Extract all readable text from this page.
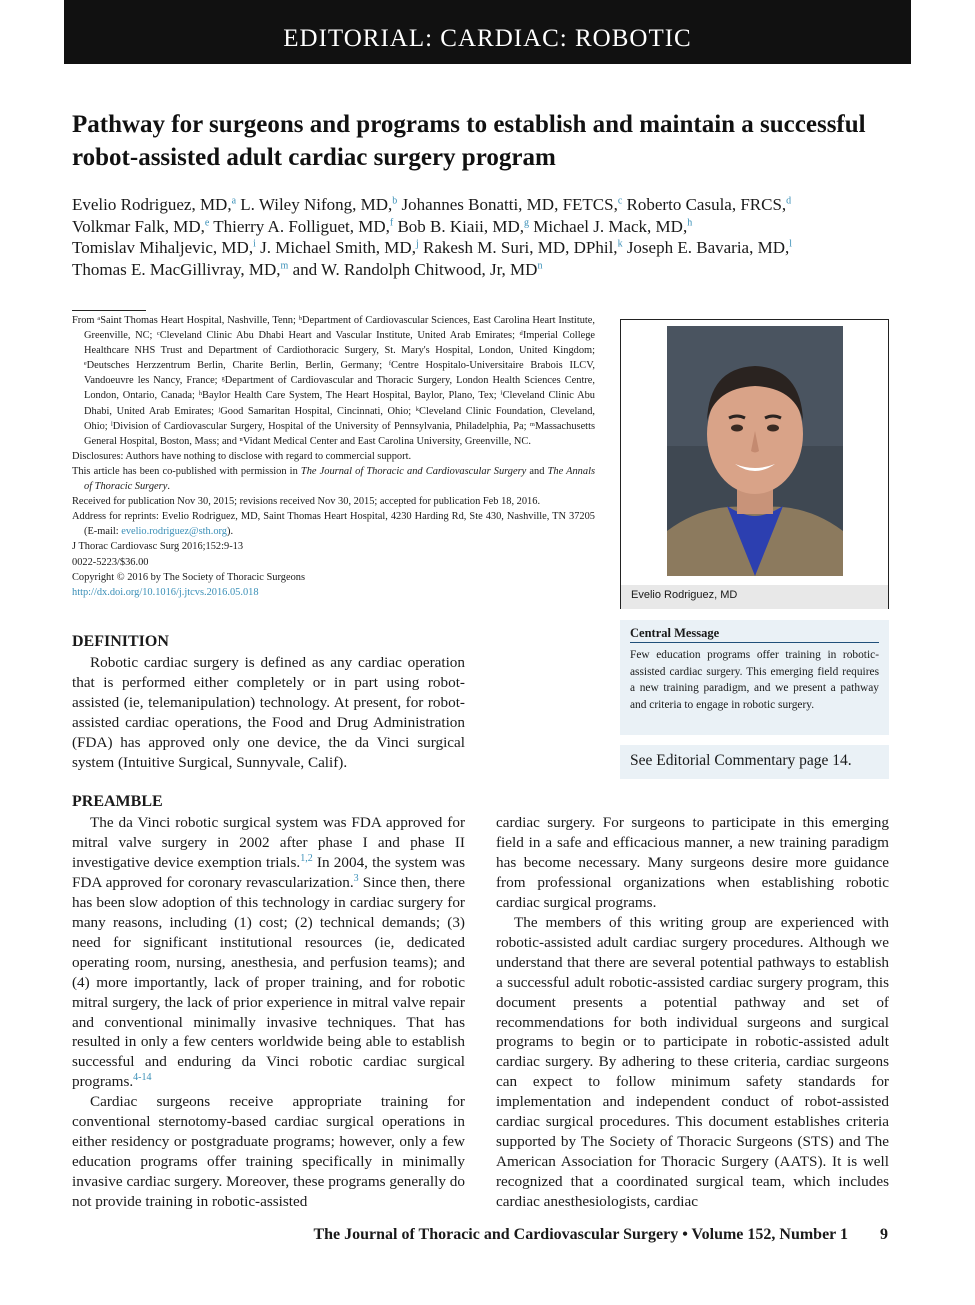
EDITORIAL: CARDIAC: ROBOTIC
Pathway for surgeons and programs to establish and maintain a successful robot-assisted adult cardiac surgery program
Evelio Rodriguez, MD,$^a$ L. Wiley Nifong, MD,$^b$ Johannes Bonatti, MD, FETCS,$^c$ Roberto Casula, FRCS,$^d$
Volkmar Falk, MD,$^e$ Thierry A. Folliguet, MD,$^f$ Bob B. Kiaii, MD,$^g$ Michael J. Mack, MD,$^h$
Tomislav Mihaljevic, MD,$^i$ J. Michael Smith, MD,$^j$ Rakesh M. Suri, MD, DPhil,$^k$ Joseph E. Bavaria, MD,$^l$
Thomas E. MacGillivray, MD,$^m$ and W. Randolph Chitwood, Jr, $MD^n$
From ᵃSaint Thomas Heart Hospital, Nashville, Tenn; ᵇDepartment of Cardiovascular Sciences, East Carolina Heart Institute, Greenville, NC; ᶜCleveland Clinic Abu Dhabi Heart and Vascular Institute, United Arab Emirates; ᵈImperial College Healthcare NHS Trust and Department of Cardiothoracic Surgery, St. Mary's Hospital, London, United Kingdom; ᵉDeutsches Herzzentrum Berlin, Charite Berlin, Berlin, Germany; ᶠCentre Hospitalo-Universitaire Brabois ILCV, Vandoeuvre les Nancy, France; ᵍDepartment of Cardiovascular and Thoracic Surgery, London Health Sciences Centre, London, Ontario, Canada; ʰBaylor Health Care System, The Heart Hospital, Baylor, Plano, Tex; ⁱCleveland Clinic Abu Dhabi, United Arab Emirates; ʲGood Samaritan Hospital, Cincinnati, Ohio; ᵏCleveland Clinic Foundation, Cleveland, Ohio; ˡDivision of Cardiovascular Surgery, Hospital of the University of Pennsylvania, Philadelphia, Pa; ᵐMassachusetts General Hospital, Boston, Mass; and ⁿVidant Medical Center and East Carolina University, Greenville, NC.
Disclosures: Authors have nothing to disclose with regard to commercial support.
This article has been co-published with permission in The Journal of Thoracic and Cardiovascular Surgery and The Annals of Thoracic Surgery.
Received for publication Nov 30, 2015; revisions received Nov 30, 2015; accepted for publication Feb 18, 2016.
Address for reprints: Evelio Rodriguez, MD, Saint Thomas Heart Hospital, 4230 Harding Rd, Ste 430, Nashville, TN 37205 (E-mail: evelio.rodriguez@sth.org).
J Thorac Cardiovasc Surg 2016;152:9-13
0022-5223/$36.00
Copyright © 2016 by The Society of Thoracic Surgeons
http://dx.doi.org/10.1016/j.jtcvs.2016.05.018	Evelio Rodriguez, MD
Central Message
Few education programs offer training in robotic-assisted cardiac surgery. This emerging field requires a new training paradigm, and we present a pathway and criteria to engage in robotic surgery.
See Editorial Commentary page 14.
DEFINITION

Robotic cardiac surgery is defined as any cardiac operation that is performed either completely or in part using robot-assisted (ie, telemanipulation) technology. At present, for robot-assisted cardiac operations, the Food and Drug Administration (FDA) has approved only one device, the da Vinci surgical system (Intuitive Surgical, Sunnyvale, Calif).

PREAMBLE

The da Vinci robotic surgical system was FDA approved for mitral valve surgery in 2002 after phase I and phase II investigative device exemption trials.$^{1,2}$ In 2004, the system was FDA approved for coronary revascularization.$^3$ Since then, there has been slow adoption of this technology in cardiac surgery for many reasons, including (1) cost; (2) technical demands; (3) need for significant institutional resources (ie, dedicated operating room, nursing, anesthesia, and perfusion teams); and (4) more importantly, lack of proper training, and for robotic mitral surgery, the lack of prior experience in mitral valve repair and conventional minimally invasive techniques. That has resulted in only a few centers worldwide being able to establish successful and enduring da Vinci robotic cardiac surgical programs.$^{4-14}$

Cardiac surgeons receive appropriate training for conventional sternotomy-based cardiac surgical operations in either residency or postgraduate programs; however, only a few education programs offer training specifically in minimally invasive cardiac surgery. Moreover, these programs generally do not provide training in robotic-assisted

cardiac surgery. For surgeons to participate in this emerging field in a safe and efficacious manner, a new training paradigm has become necessary. Many surgeons desire more guidance from professional organizations when establishing robotic cardiac surgical programs.

The members of this writing group are experienced with robotic-assisted adult cardiac surgery procedures. Although we understand that there are several potential pathways to establish a successful adult robotic-assisted cardiac surgery program, this document presents a potential pathway and set of recommendations for both individual surgeons and surgical programs to begin or to participate in robotic-assisted adult cardiac surgery. By adhering to these criteria, cardiac surgeons can expect to follow minimum safety standards for implementation and independent conduct of robot-assisted cardiac surgical procedures. This document establishes criteria supported by The Society of Thoracic Surgeons (STS) and The American Association for Thoracic Surgery (AATS). It is well recognized that a coordinated surgical team, which includes cardiac anesthesiologists, cardiac

The Journal of Thoracic and Cardiovascular Surgery • Volume 152, Number 1 9
